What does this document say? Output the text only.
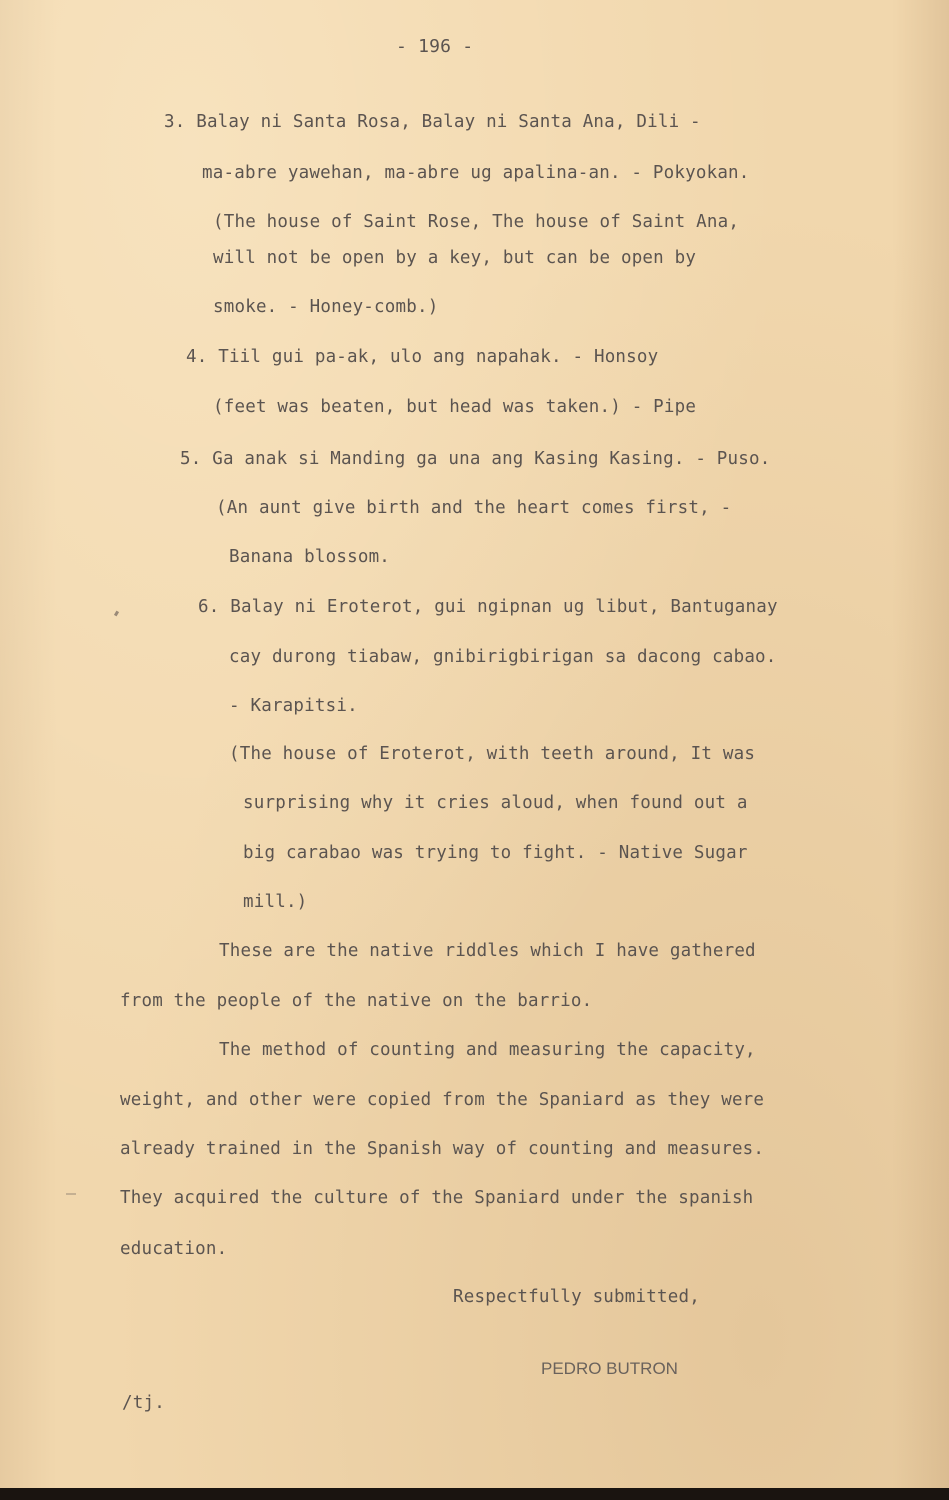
- 196 -
3. Balay ni Santa Rosa, Balay ni Santa Ana, Dili -
ma-abre yawehan, ma-abre ug apalina-an. - Pokyokan.
(The house of Saint Rose, The house of Saint Ana,
will not be open by a key, but can be open by
smoke. - Honey-comb.)
4. Tiil gui pa-ak, ulo ang napahak. - Honsoy
(feet was beaten, but head was taken.) - Pipe
5. Ga anak si Manding ga una ang Kasing Kasing. - Puso.
(An aunt give birth and the heart comes first, -
Banana blossom.
6. Balay ni Eroterot, gui ngipnan ug libut, Bantuganay
cay durong tiabaw, gnibirigbirigan sa dacong cabao.
- Karapitsi.
(The house of Eroterot, with teeth around, It was
surprising why it cries aloud, when found out a
big carabao was trying to fight. - Native Sugar
mill.)
These are the native riddles which I have gathered
from the people of the native on the barrio.
The method of counting and measuring the capacity,
weight, and other were copied from the Spaniard as they were
already trained in the Spanish way of counting and measures.
They acquired the culture of the Spaniard under the spanish
education.
Respectfully submitted,
PEDRO BUTRON
/tj.
